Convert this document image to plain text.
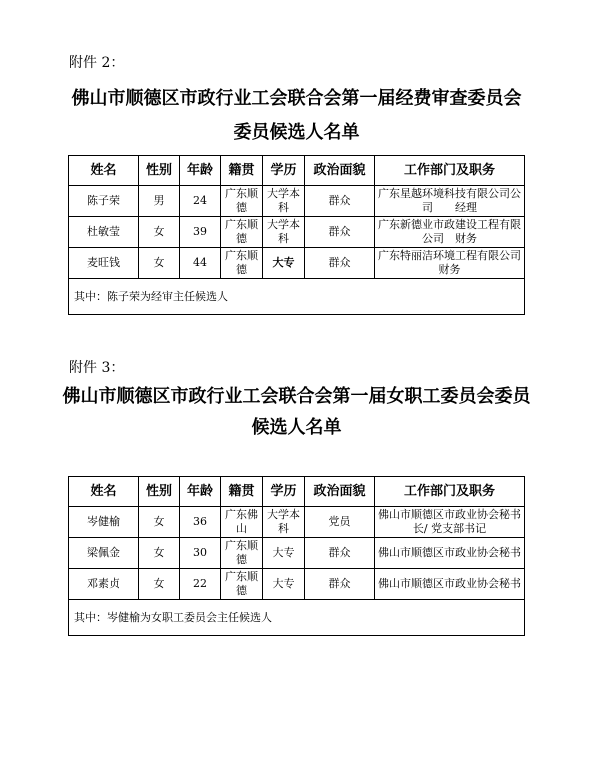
附件 2：
佛山市顺德区市政行业工会联合会第一届经费审查委员会
委员候选人名单
姓名	性别	年龄	籍贯	学历	政治面貌	工作部门及职务
陈子荣	男	24	广东顺德	大学本科	群众	广东星越环境科技有限公司公司　　经理
杜敏莹	女	39	广东顺德	大学本科	群众	广东新德业市政建设工程有限公司　财务
麦旺钱	女	44	广东顺德	大专	群众	广东特丽洁环境工程有限公司　　财务
其中：陈子荣为经审主任候选人						
附件 3：
佛山市顺德区市政行业工会联合会第一届女职工委员会委员
候选人名单
姓名	性别	年龄	籍贯	学历	政治面貌	工作部门及职务
岑健榆	女	36	广东佛山	大学本科	党员	佛山市顺德区市政业协会秘书长/ 党支部书记
梁佩金	女	30	广东顺德	大专	群众	佛山市顺德区市政业协会秘书
邓素贞	女	22	广东顺德	大专	群众	佛山市顺德区市政业协会秘书
其中：岑健榆为女职工委员会主任候选人						
